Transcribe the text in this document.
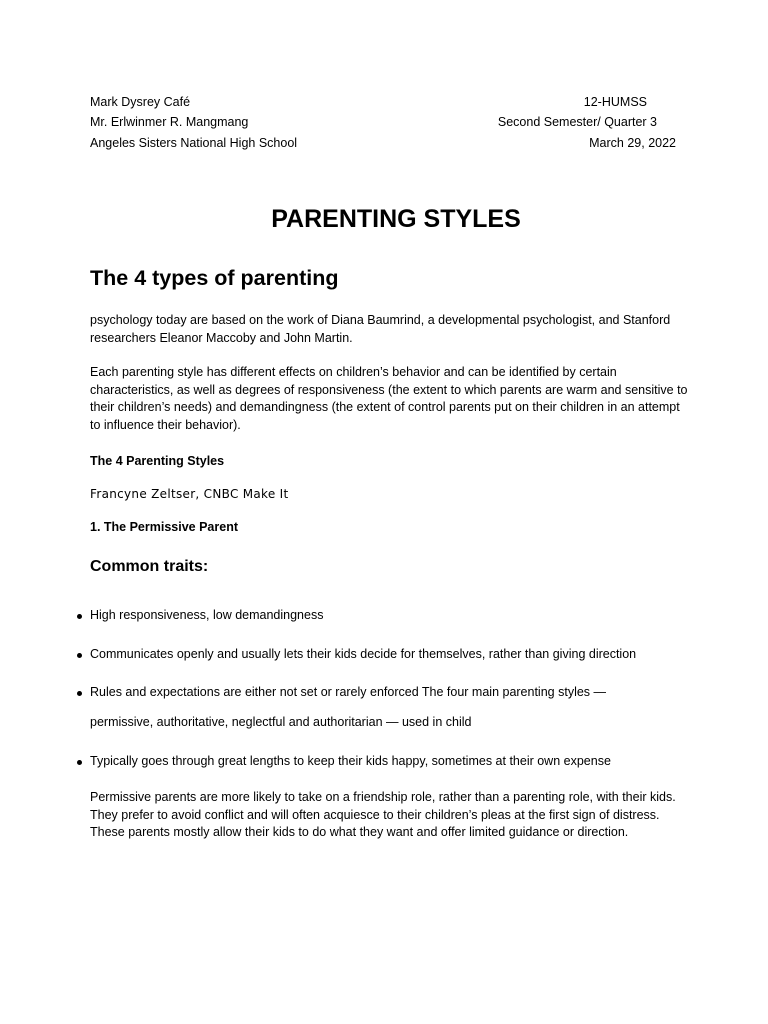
Mark Dysrey Café
Mr. Erlwinmer R. Mangmang
Angeles Sisters National High School
12-HUMSS
Second Semester/ Quarter 3
March 29, 2022
PARENTING STYLES
The 4 types of parenting
psychology today are based on the work of Diana Baumrind, a developmental psychologist, and Stanford researchers Eleanor Maccoby and John Martin.
Each parenting style has different effects on children’s behavior and can be identified by certain characteristics, as well as degrees of responsiveness (the extent to which parents are warm and sensitive to their children’s needs) and demandingness (the extent of control parents put on their children in an attempt to influence their behavior).
The 4 Parenting Styles
Francyne Zeltser, CNBC Make It
1. The Permissive Parent
Common traits:
High responsiveness, low demandingness
Communicates openly and usually lets their kids decide for themselves, rather than giving direction
Rules and expectations are either not set or rarely enforced The four main parenting styles —
permissive, authoritative, neglectful and authoritarian — used in child
Typically goes through great lengths to keep their kids happy, sometimes at their own expense
Permissive parents are more likely to take on a friendship role, rather than a parenting role, with their kids. They prefer to avoid conflict and will often acquiesce to their children’s pleas at the first sign of distress. These parents mostly allow their kids to do what they want and offer limited guidance or direction.
